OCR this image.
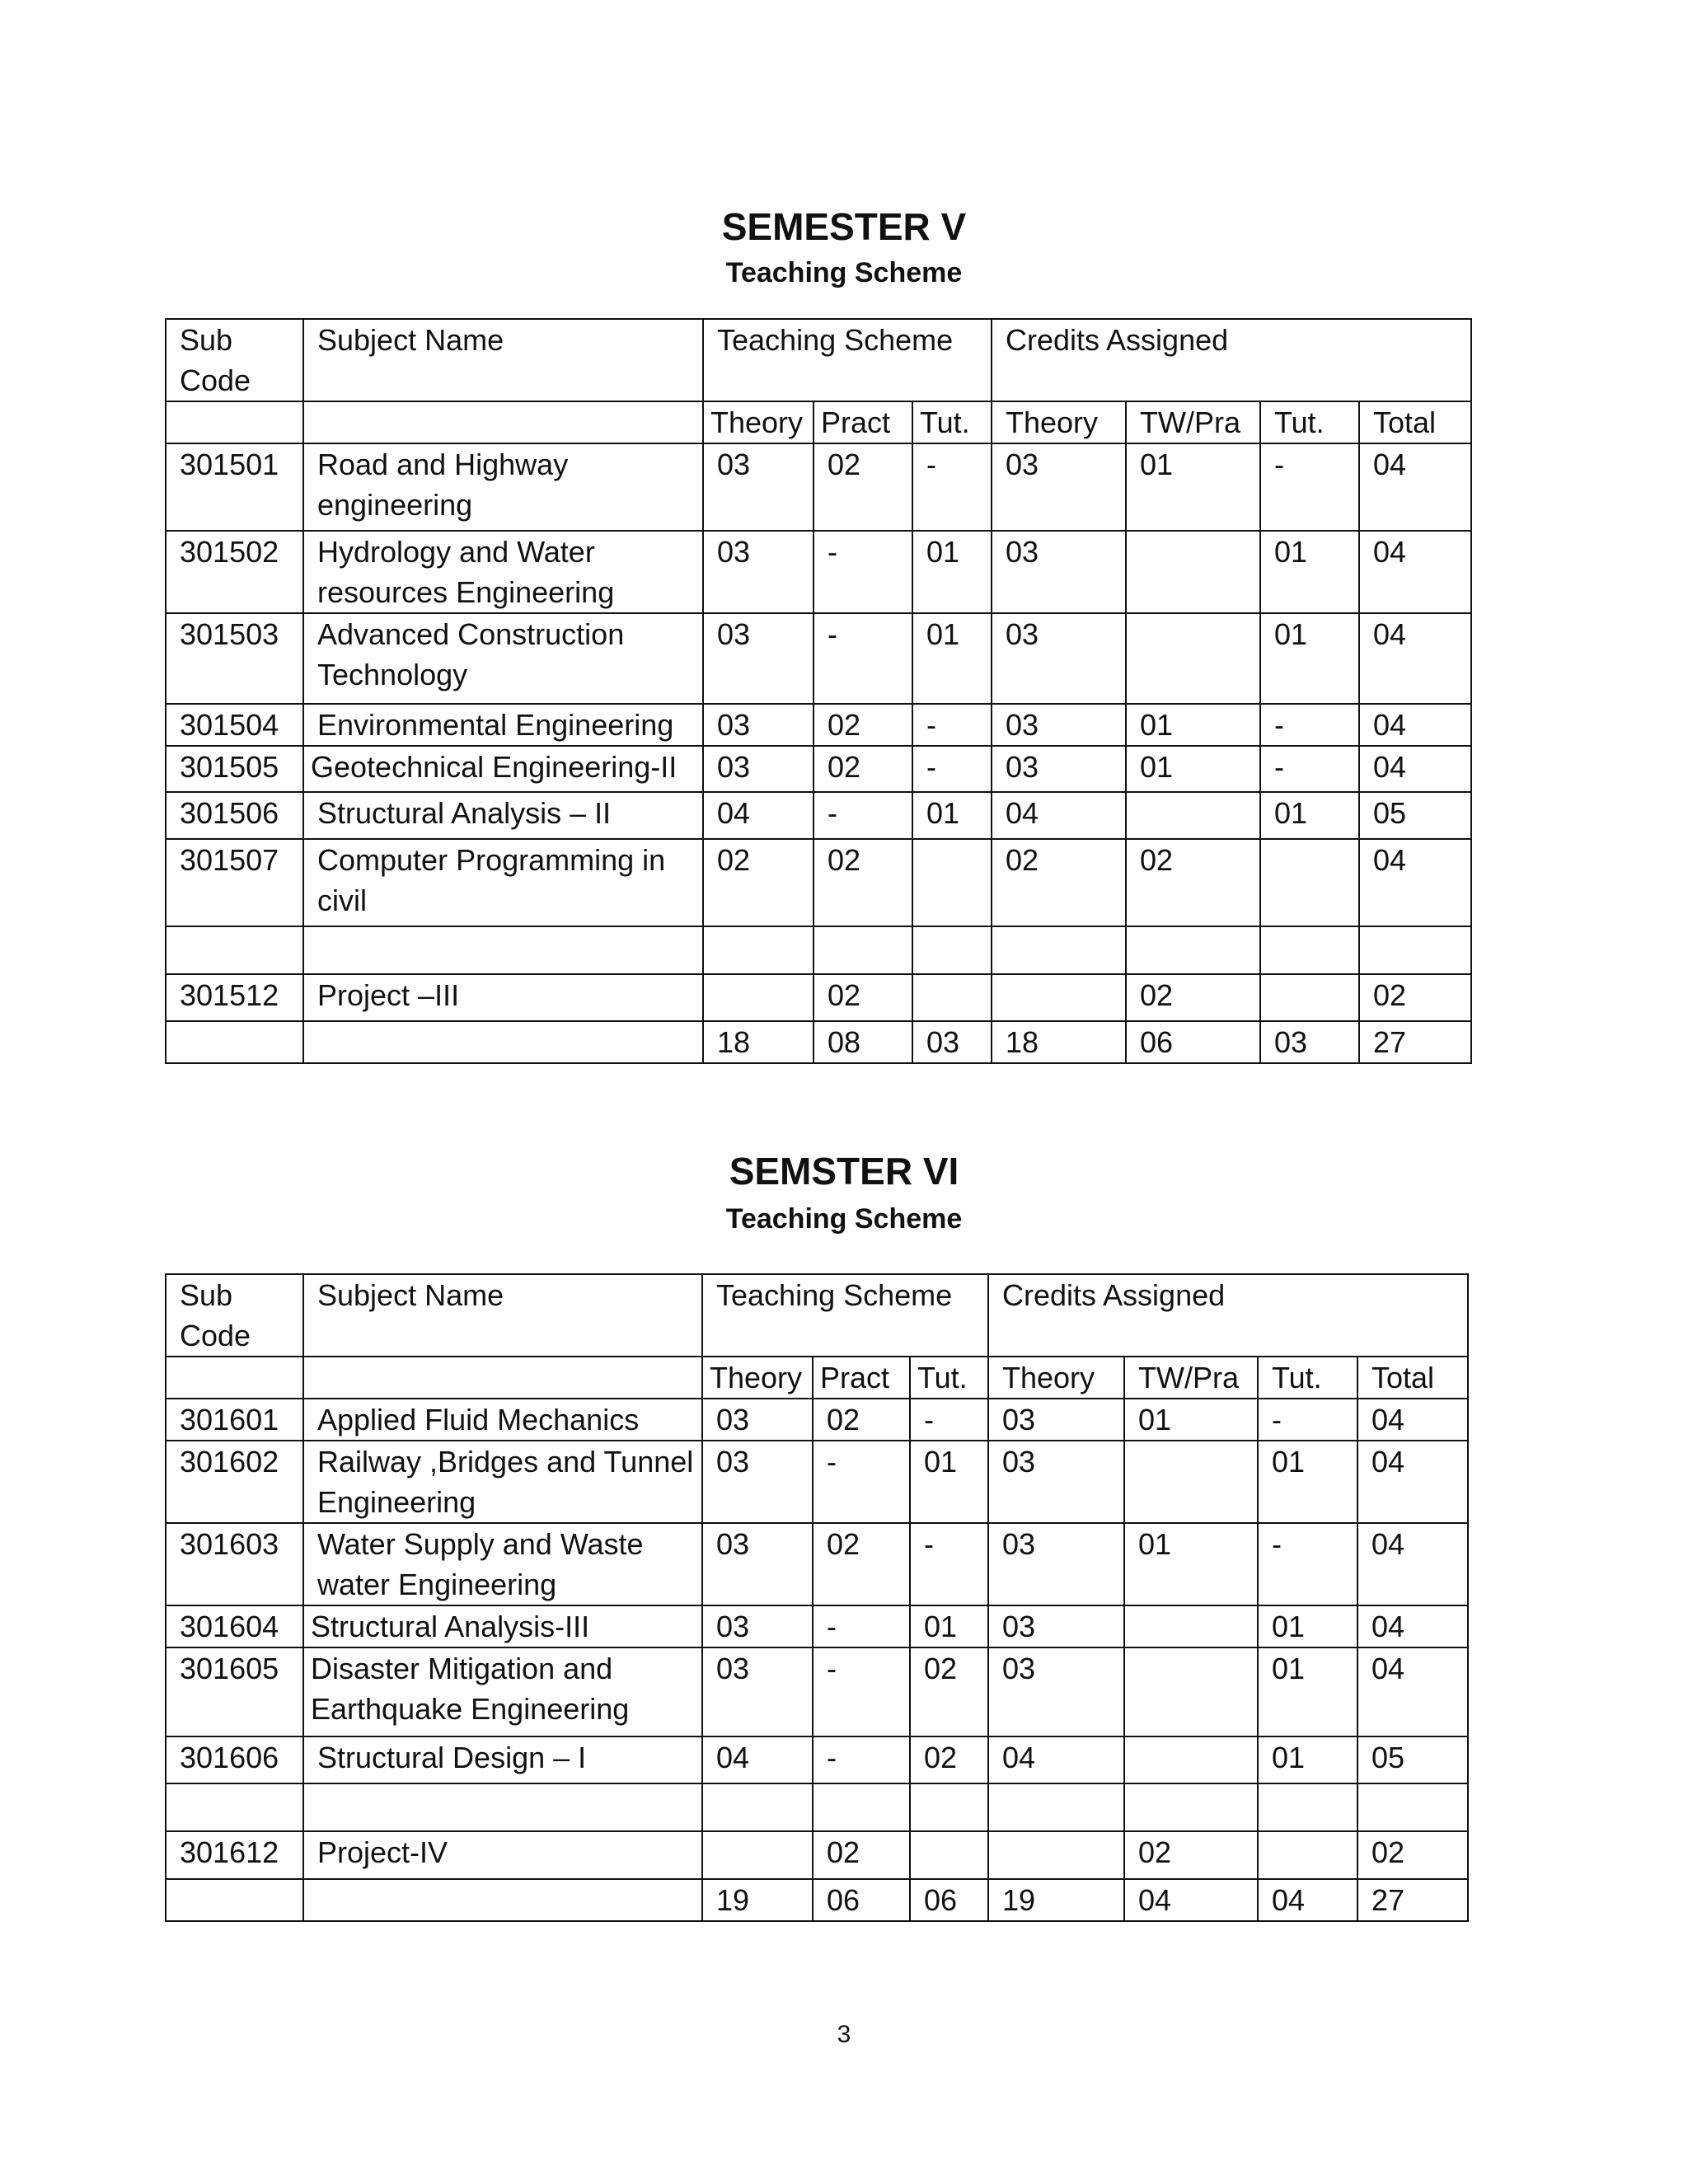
SEMESTER V
Teaching Scheme
Sub Code	Subject Name	Teaching Scheme			Credits Assigned			
		Theory	Pract	Tut.	Theory	TW/Pra	Tut.	Total
301501	Road and Highway engineering	03	02	-	03	01	-	04
301502	Hydrology and Water resources Engineering	03	-	01	03		01	04
301503	Advanced Construction Technology	03	-	01	03		01	04
301504	Environmental Engineering	03	02	-	03	01	-	04
301505	Geotechnical Engineering-II	03	02	-	03	01	-	04
301506	Structural Analysis – II	04	-	01	04		01	05
301507	Computer Programming in civil	02	02		02	02		04

301512	Project –III		02			02		02
		18	08	03	18	06	03	27
SEMSTER VI
Teaching Scheme
Sub Code	Subject Name	Teaching Scheme			Credits Assigned			
		Theory	Pract	Tut.	Theory	TW/Pra	Tut.	Total
301601	Applied Fluid Mechanics	03	02	-	03	01	-	04
301602	Railway ,Bridges and Tunnel Engineering	03	-	01	03		01	04
301603	Water Supply and Waste water Engineering	03	02	-	03	01	-	04
301604	Structural Analysis-III	03	-	01	03		01	04
301605	Disaster Mitigation and Earthquake Engineering	03	-	02	03		01	04
301606	Structural Design – I	04	-	02	04		01	05

301612	Project-IV		02			02		02
		19	06	06	19	04	04	27
3
